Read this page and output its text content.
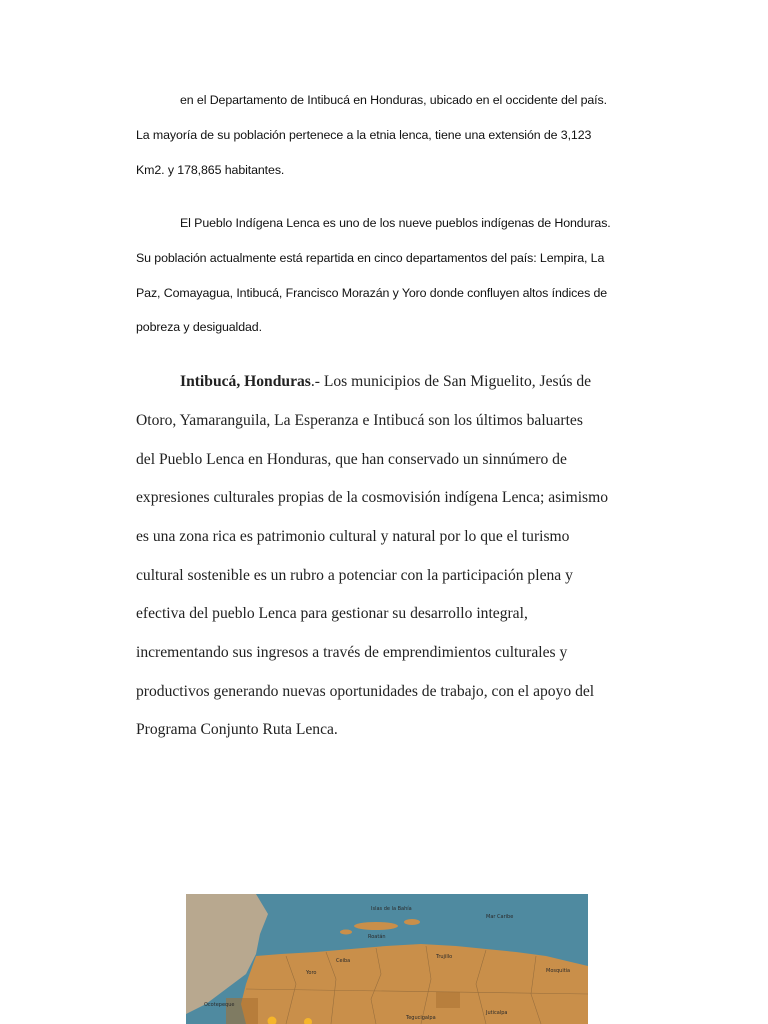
en el Departamento de Intibucá en Honduras, ubicado en el occidente del país.
La mayoría de su población pertenece a la etnia lenca, tiene una extensión de 3,123
Km2. y 178,865 habitantes.
El Pueblo Indígena Lenca es uno de los nueve pueblos indígenas de Honduras.
Su población actualmente está repartida en cinco departamentos del país: Lempira, La
Paz, Comayagua, Intibucá, Francisco Morazán y Yoro donde confluyen altos índices de
pobreza y desigualdad.
Intibucá, Honduras.- Los municipios de San Miguelito, Jesús de
Otoro, Yamaranguila, La Esperanza e Intibucá son los últimos baluartes
del Pueblo Lenca en Honduras, que han conservado un sinnúmero de
expresiones culturales propias de la cosmovisión indígena Lenca; asimismo
es una zona rica es patrimonio cultural y natural por lo que el turismo
cultural sostenible es un rubro a potenciar con la participación plena y
efectiva del pueblo Lenca para gestionar su desarrollo integral,
incrementando sus ingresos a través de emprendimientos culturales y
productivos generando nuevas oportunidades de trabajo, con el apoyo del
Programa Conjunto Ruta Lenca.
Islas de la Bahía
Roatán
Mar Caribe
Ceiba
Trujillo
Yoro	Mosquitia
Ocotepeque
Tegucigalpa
Juticalpa
